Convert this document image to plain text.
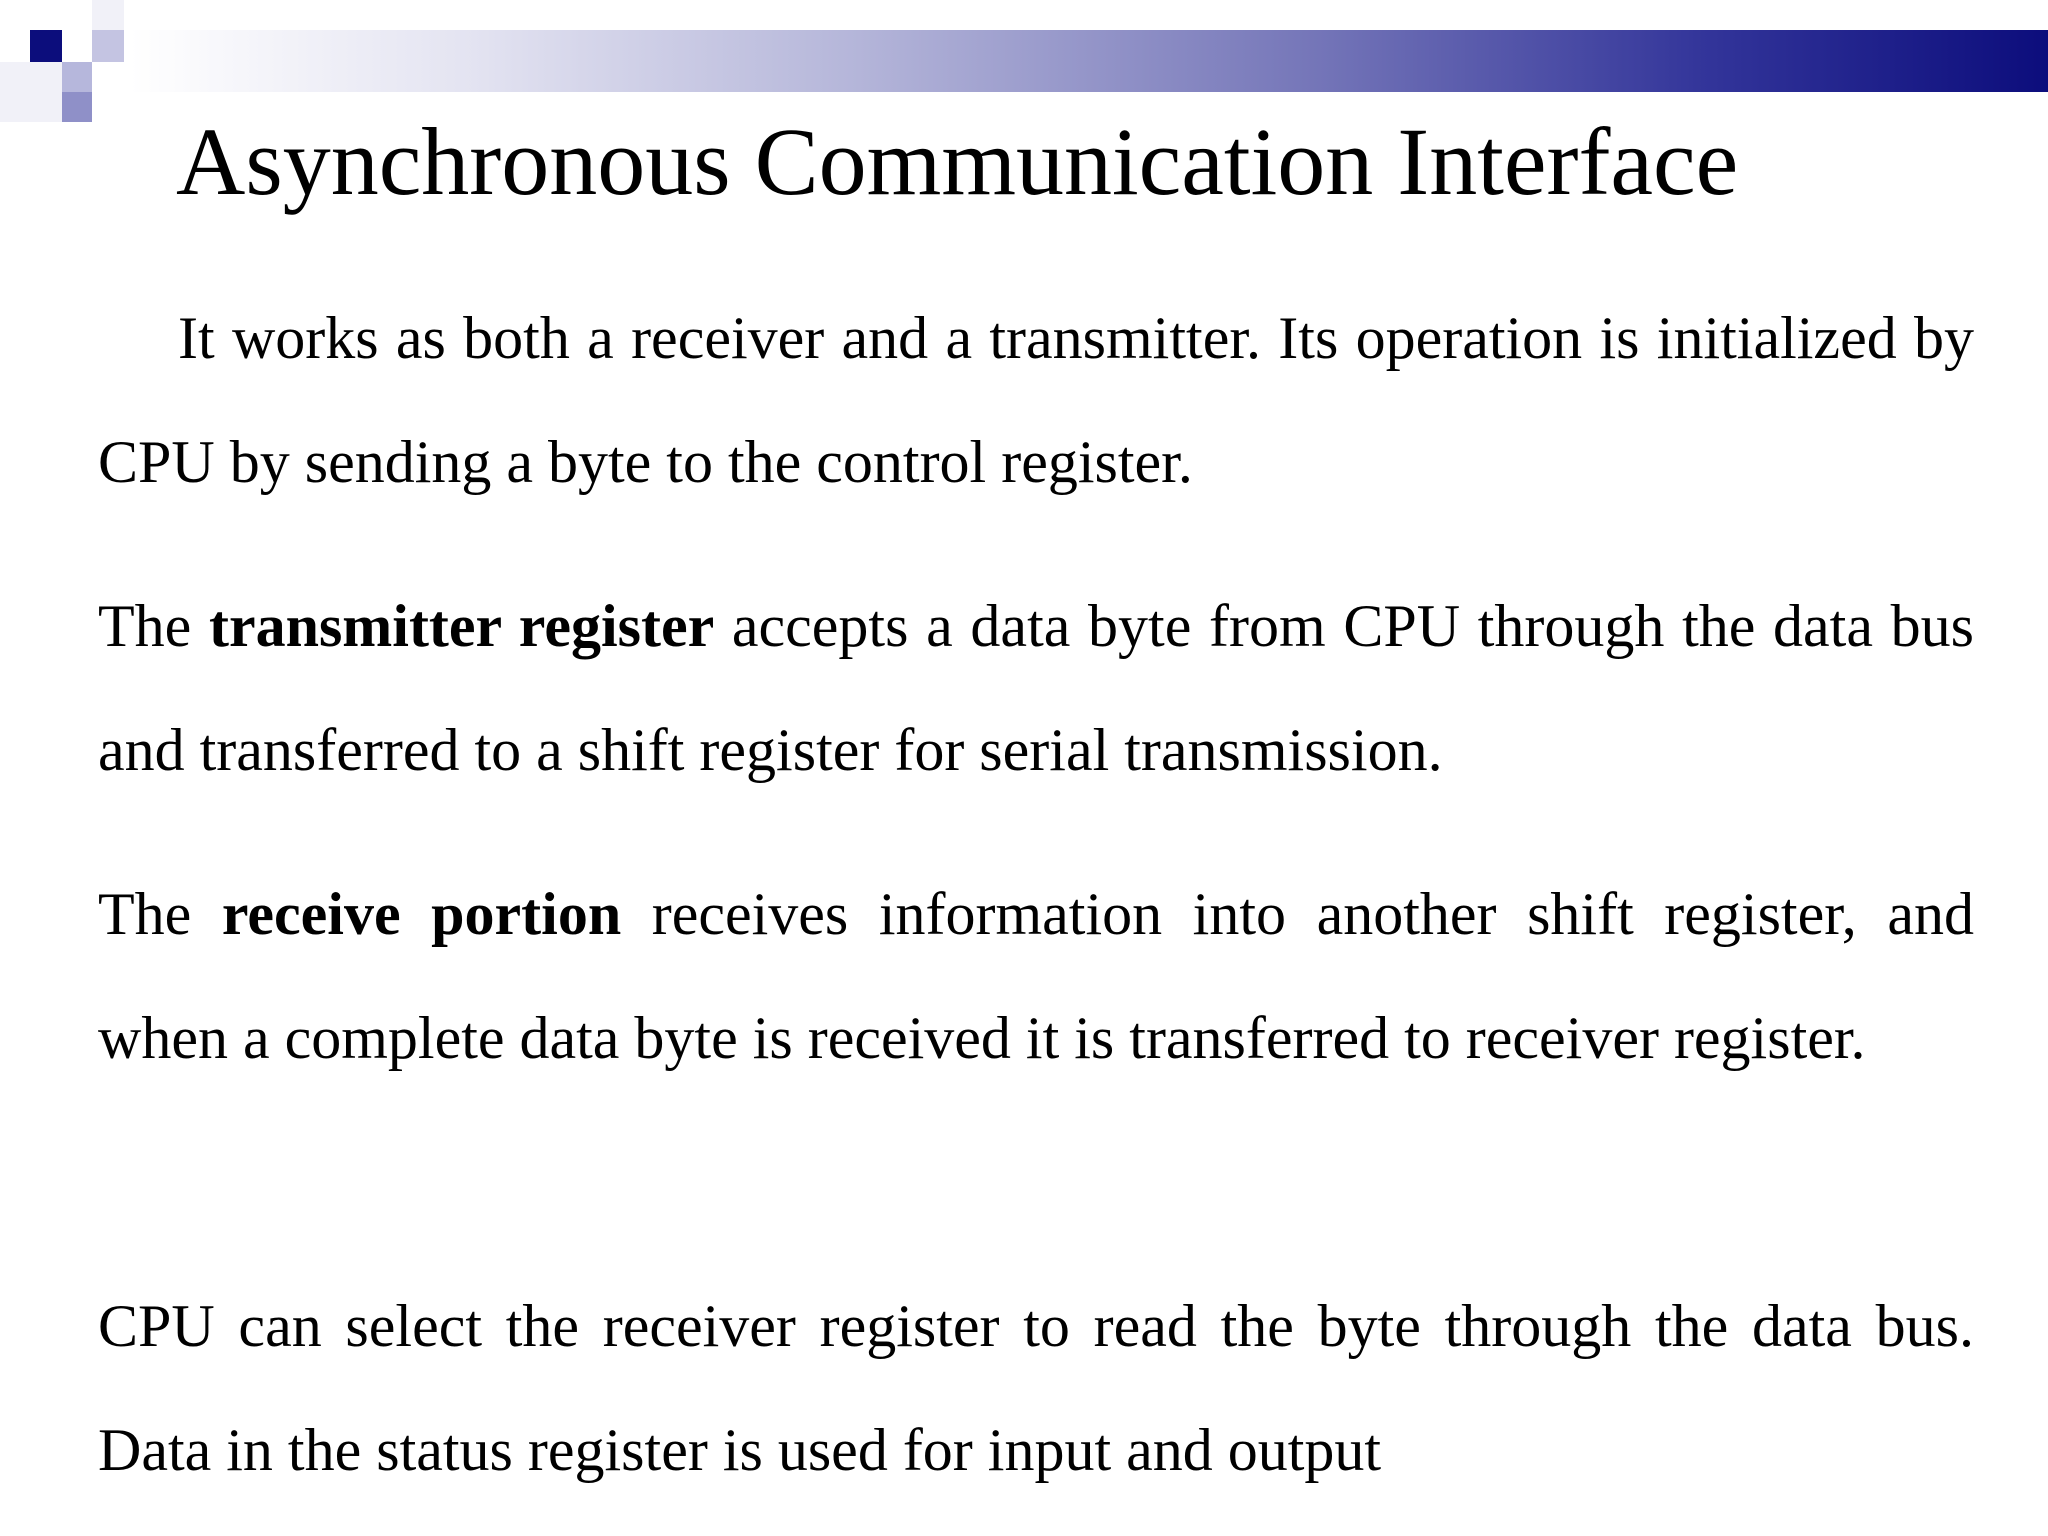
Asynchronous Communication Interface

It works as both a receiver and a transmitter. Its operation is initialized by CPU by sending a byte to the control register.

The transmitter register accepts a data byte from CPU through the data bus and transferred to a shift register for serial transmission.

The receive portion receives information into another shift register, and when a complete data byte is received it is transferred to receiver register.

CPU can select the receiver register to read the byte through the data bus. Data in the status register is used for input and output
